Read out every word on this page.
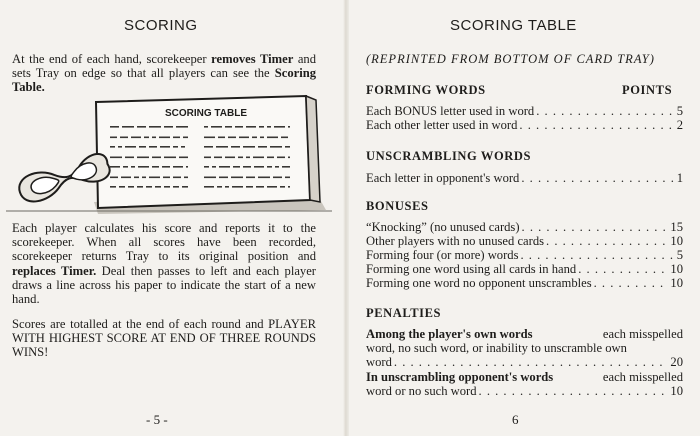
SCORING

At the end of each hand, scorekeeper removes Timer and sets Tray on edge so that all players can see the Scoring Table.

SCORING TABLE

Each player calculates his score and reports it to the scorekeeper. When all scores have been recorded, scorekeeper returns Tray to its original position and replaces Timer. Deal then passes to left and each player draws a line across his paper to indicate the start of a new hand.

Scores are totalled at the end of each round and PLAYER WITH HIGHEST SCORE AT END OF THREE ROUNDS WINS!

- 5 -
SCORING TABLE
(REPRINTED FROM BOTTOM OF CARD TRAY)
FORMING WORDS	POINTS
Each BONUS letter used in word . . .	5
Each other letter used in word . . .	2
UNSCRAMBLING WORDS
Each letter in opponent's word . . .	1
BONUSES
“Knocking” (no unused cards) . . .	15
Other players with no unused cards . . .	10
Forming four (or more) words . . .	5
Forming one word using all cards in hand . . .	10
Forming one word no opponent unscrambles . . .	10
PENALTIES
Among the player's own words	each misspelled
word, no such word, or inability to unscramble own
word . . .	20
In unscrambling opponent's words	each misspelled
word or no such word . . .	10
6
